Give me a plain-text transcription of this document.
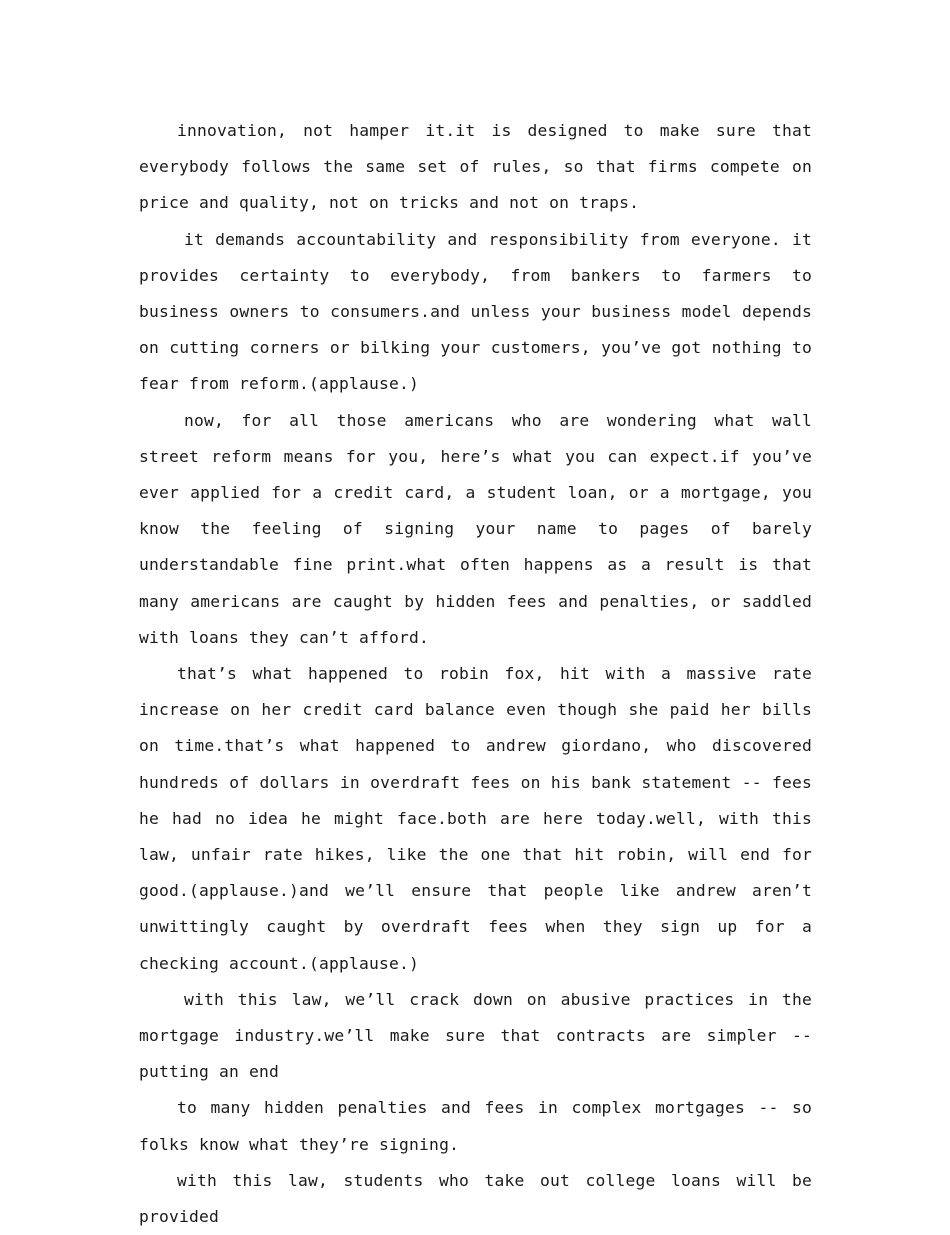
innovation, not hamper it.it is designed to make sure that everybody follows the same set of rules, so that firms compete on price and quality, not on tricks and not on traps.

it demands accountability and responsibility from everyone. it provides certainty to everybody, from bankers to farmers to business owners to consumers.and unless your business model depends on cutting corners or bilking your customers, you’ve got nothing to fear from reform.(applause.)

now, for all those americans who are wondering what wall street reform means for you, here’s what you can expect.if you’ve ever applied for a credit card, a student loan, or a mortgage, you know the feeling of signing your name to pages of barely understandable fine print.what often happens as a result is that many americans are caught by hidden fees and penalties, or saddled with loans they can’t afford.

that’s what happened to robin fox, hit with a massive rate increase on her credit card balance even though she paid her bills on time.that’s what happened to andrew giordano, who discovered hundreds of dollars in overdraft fees on his bank statement -- fees he had no idea he might face.both are here today.well, with this law, unfair rate hikes, like the one that hit robin, will end for good.(applause.)and we’ll ensure that people like andrew aren’t unwittingly caught by overdraft fees when they sign up for a checking account.(applause.)

with this law, we’ll crack down on abusive practices in the mortgage industry.we’ll make sure that contracts are simpler -- putting an end

to many hidden penalties and fees in complex mortgages -- so folks know what they’re signing.

with this law, students who take out college loans will be provided
